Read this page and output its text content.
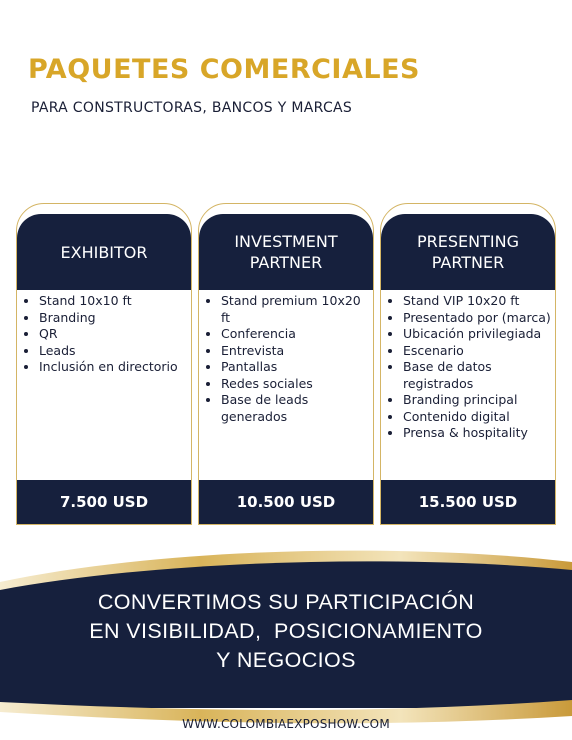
PAQUETES COMERCIALES
PARA CONSTRUCTORAS, BANCOS Y MARCAS
EXHIBITOR
• Stand 10x10 ft
• Branding
• QR
• Leads
• Inclusión en directorio
7.500 USD
INVESTMENT PARTNER
• Stand premium 10x20 ft
• Conferencia
• Entrevista
• Pantallas
• Redes sociales
• Base de leads generados
10.500 USD
PRESENTING PARTNER
• Stand VIP 10x20 ft
• Presentado por (marca)
• Ubicación privilegiada
• Escenario
• Base de datos registrados
• Branding principal
• Contenido digital
• Prensa & hospitality
15.500 USD
CONVERTIMOS SU PARTICIPACIÓN
EN VISIBILIDAD,  POSICIONAMIENTO
Y NEGOCIOS
WWW.COLOMBIAEXPOSHOW.COM
